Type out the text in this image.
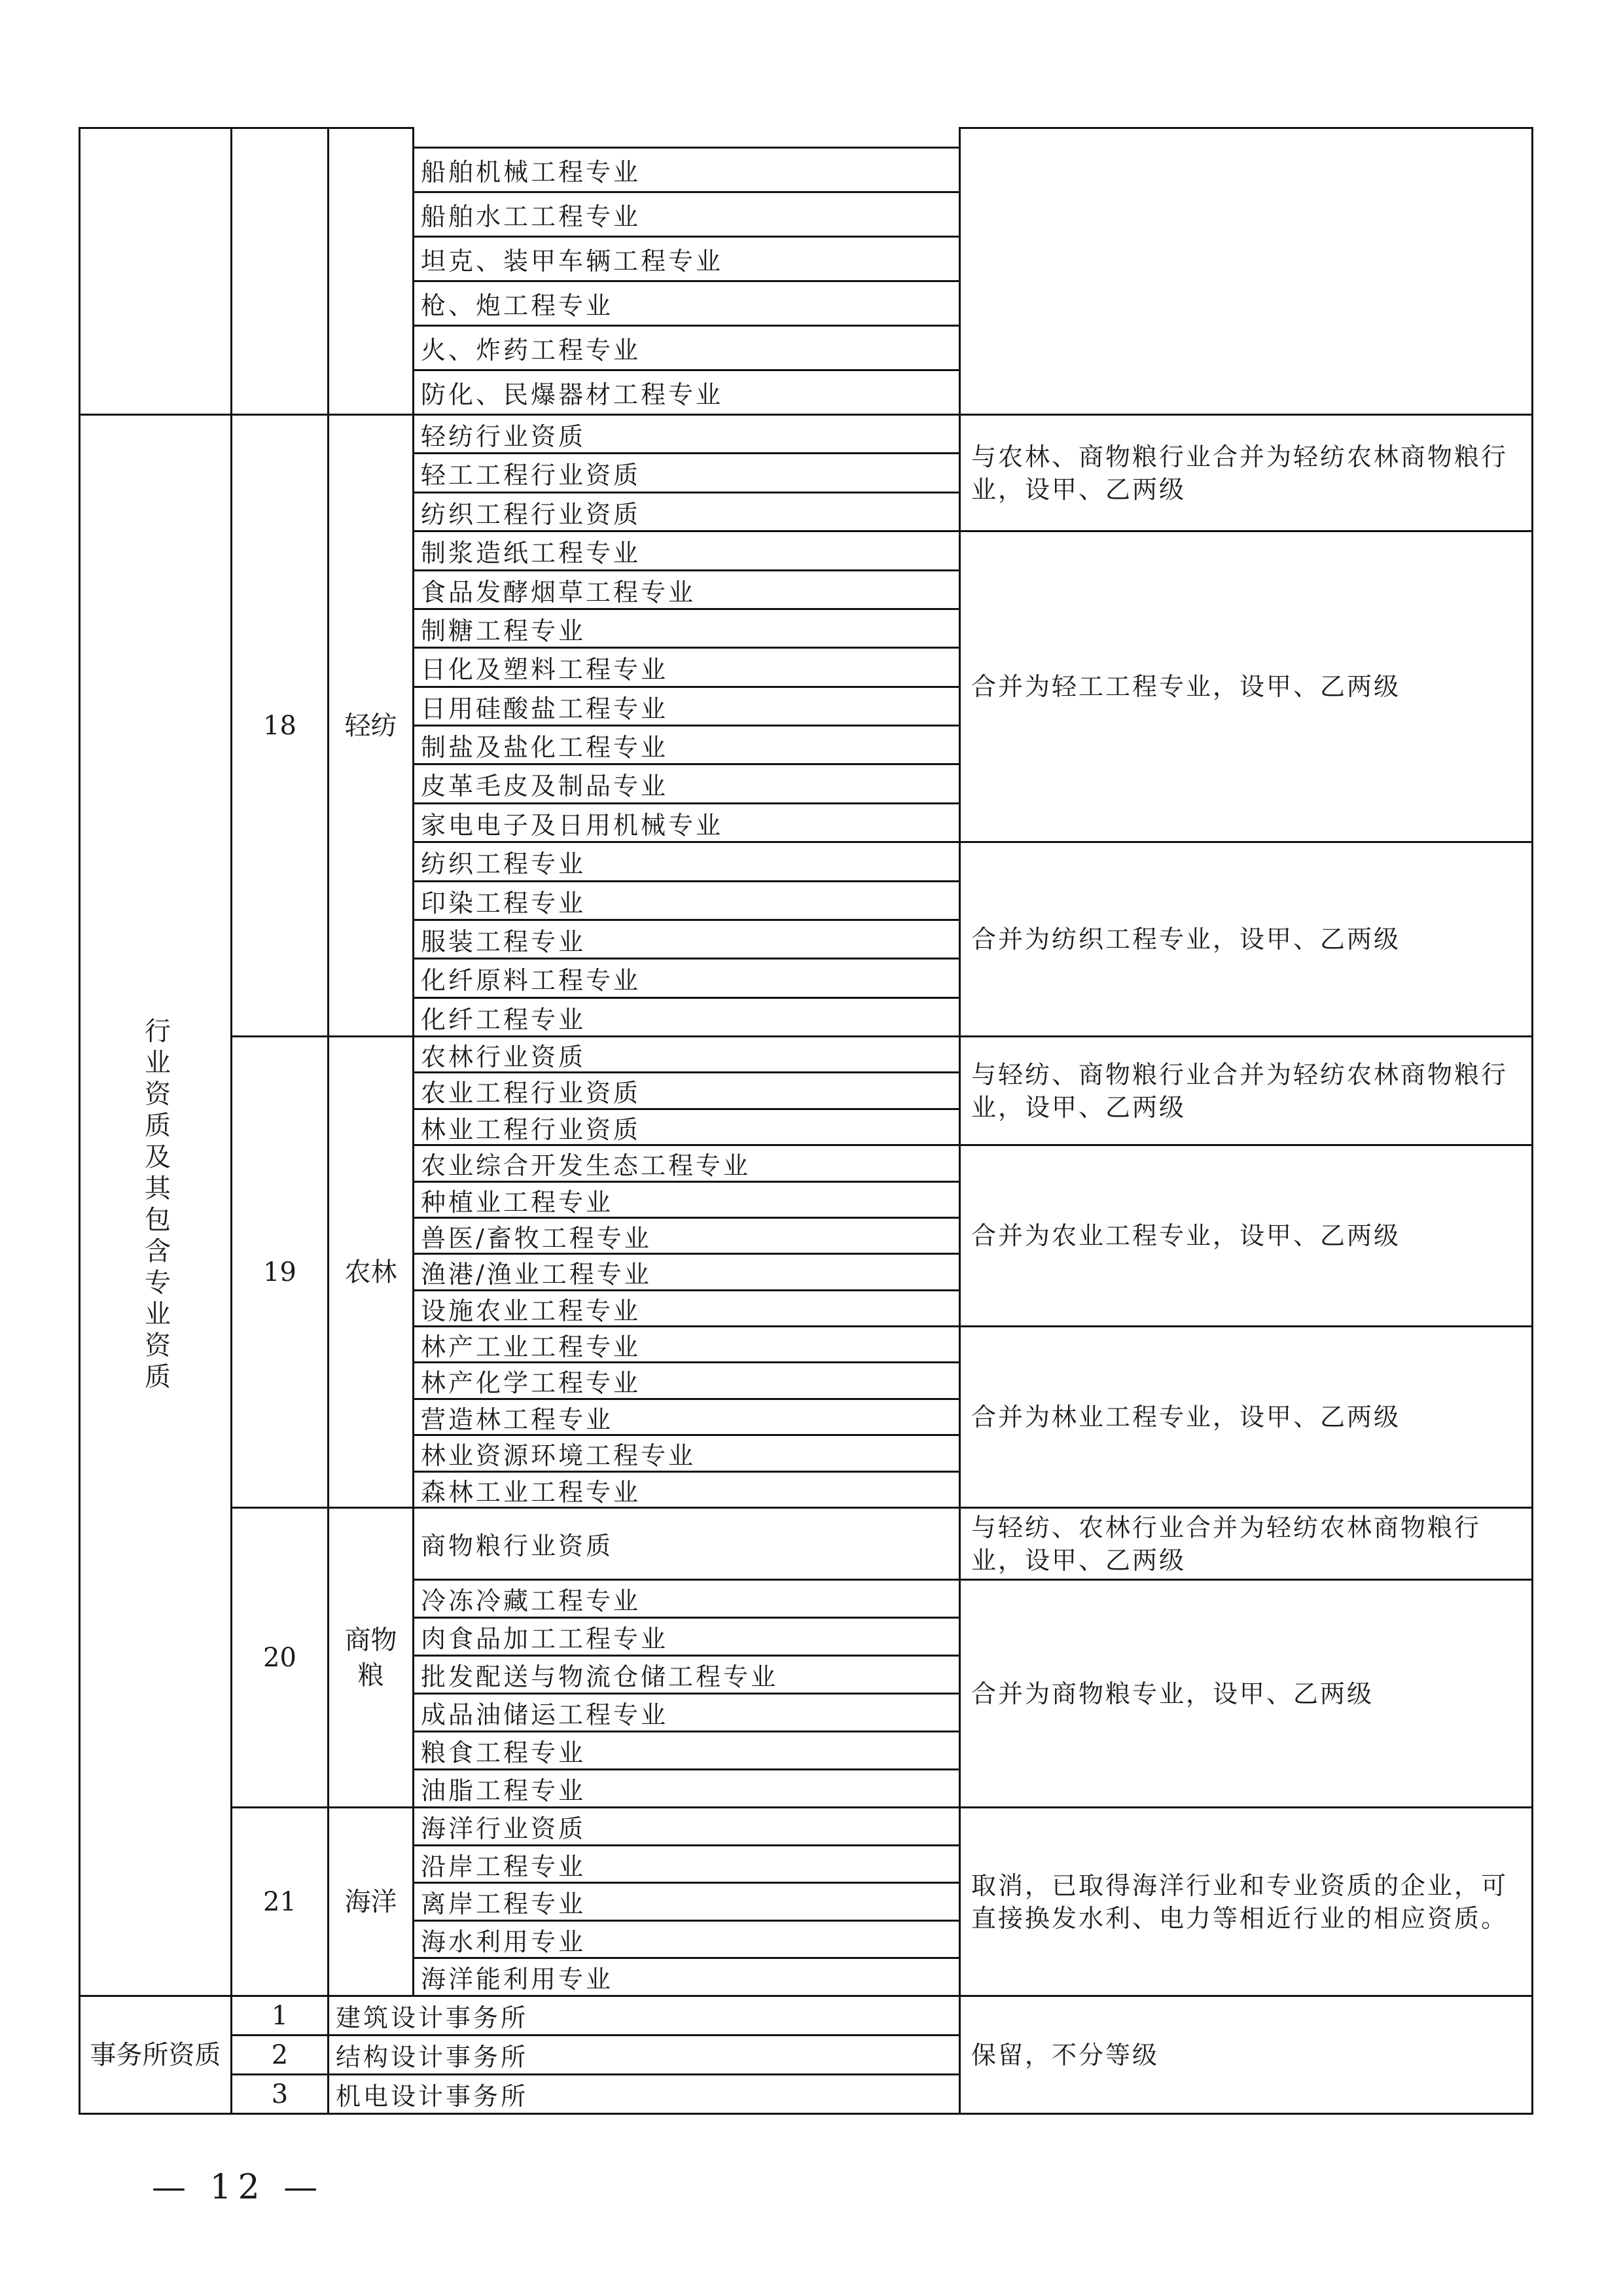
船舶机械工程专业
船舶水工工程专业
坦克、装甲车辆工程专业
枪、炮工程专业
火、炸药工程专业
防化、民爆器材工程专业
行业资质及其包含专业资质
18 轻纺
轻纺行业资质
轻工工程行业资质
纺织工程行业资质
与农林、商物粮行业合并为轻纺农林商物粮行业，设甲、乙两级
制浆造纸工程专业
食品发酵烟草工程专业
制糖工程专业
日化及塑料工程专业
日用硅酸盐工程专业
制盐及盐化工程专业
皮革毛皮及制品专业
家电电子及日用机械专业
合并为轻工工程专业，设甲、乙两级
纺织工程专业
印染工程专业
服装工程专业
化纤原料工程专业
化纤工程专业
合并为纺织工程专业，设甲、乙两级
19 农林
农林行业资质
农业工程行业资质
林业工程行业资质
与轻纺、商物粮行业合并为轻纺农林商物粮行业，设甲、乙两级
农业综合开发生态工程专业
种植业工程专业
兽医/畜牧工程专业
渔港/渔业工程专业
设施农业工程专业
合并为农业工程专业，设甲、乙两级
林产工业工程专业
林产化学工程专业
营造林工程专业
林业资源环境工程专业
森林工业工程专业
合并为林业工程专业，设甲、乙两级
20
商物粮
商物粮行业资质
与轻纺、农林行业合并为轻纺农林商物粮行业，设甲、乙两级
冷冻冷藏工程专业
肉食品加工工程专业
批发配送与物流仓储工程专业
成品油储运工程专业
粮食工程专业
油脂工程专业
合并为商物粮专业，设甲、乙两级
21 海洋
海洋行业资质
沿岸工程专业
离岸工程专业
海水利用专业
海洋能利用专业
取消，已取得海洋行业和专业资质的企业，可直接换发水利、电力等相近行业的相应资质。
事务所资质
1 建筑设计事务所
2 结构设计事务所
3 机电设计事务所
保留，不分等级
— 12 —
